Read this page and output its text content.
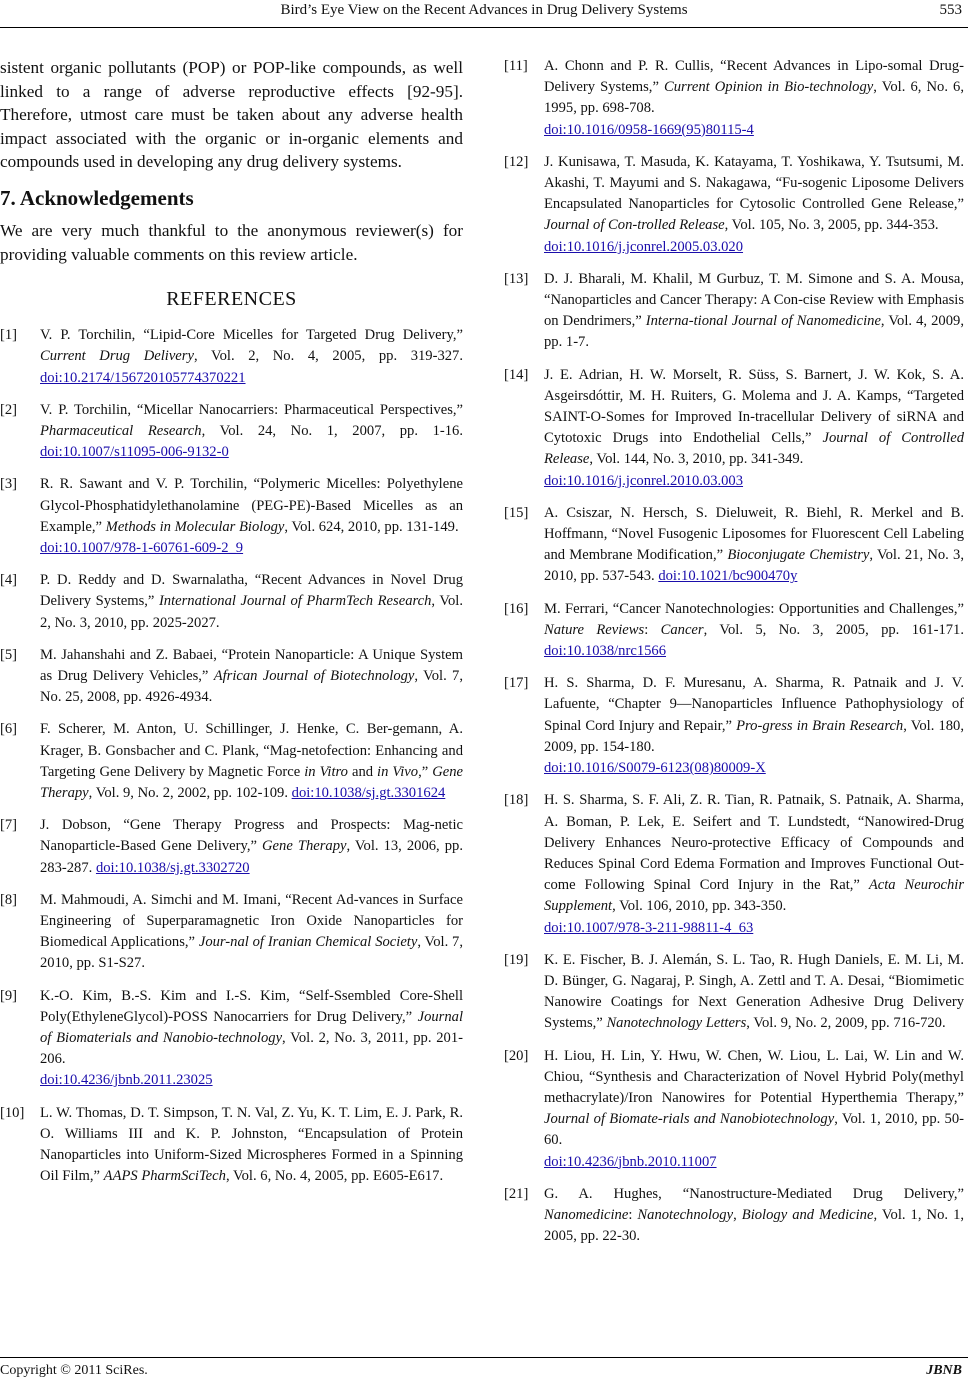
Bird’s Eye View on the Recent Advances in Drug Delivery Systems	553

sistent organic pollutants (POP) or POP-like compounds, as well linked to a range of adverse reproductive effects [92-95]. Therefore, utmost care must be taken about any adverse health impact associated with the organic or in-organic elements and compounds used in developing any drug delivery systems.

7. Acknowledgements

We are very much thankful to the anonymous reviewer(s) for providing valuable comments on this review article.

REFERENCES
[1]	V. P. Torchilin, “Lipid-Core Micelles for Targeted Drug Delivery,” Current Drug Delivery, Vol. 2, No. 4, 2005, pp. 319-327. doi:10.2174/156720105774370221
[2]	V. P. Torchilin, “Micellar Nanocarriers: Pharmaceutical Perspectives,” Pharmaceutical Research, Vol. 24, No. 1, 2007, pp. 1-16. doi:10.1007/s11095-006-9132-0
[3]	R. R. Sawant and V. P. Torchilin, “Polymeric Micelles: Polyethylene Glycol-Phosphatidylethanolamine (PEG-PE)-Based Micelles as an Example,” Methods in Molecular Biology, Vol. 624, 2010, pp. 131-149.
doi:10.1007/978-1-60761-609-2_9
[4]	P. D. Reddy and D. Swarnalatha, “Recent Advances in Novel Drug Delivery Systems,” International Journal of PharmTech Research, Vol. 2, No. 3, 2010, pp. 2025-2027.
[5]	M. Jahanshahi and Z. Babaei, “Protein Nanoparticle: A Unique System as Drug Delivery Vehicles,” African Journal of Biotechnology, Vol. 7, No. 25, 2008, pp. 4926-4934.
[6]	F. Scherer, M. Anton, U. Schillinger, J. Henke, C. Ber-gemann, A. Krager, B. Gonsbacher and C. Plank, “Mag-netofection: Enhancing and Targeting Gene Delivery by Magnetic Force in Vitro and in Vivo,” Gene Therapy, Vol. 9, No. 2, 2002, pp. 102-109. doi:10.1038/sj.gt.3301624
[7]	J. Dobson, “Gene Therapy Progress and Prospects: Mag-netic Nanoparticle-Based Gene Delivery,” Gene Therapy, Vol. 13, 2006, pp. 283-287. doi:10.1038/sj.gt.3302720
[8]	M. Mahmoudi, A. Simchi and M. Imani, “Recent Ad-vances in Surface Engineering of Superparamagnetic Iron Oxide Nanoparticles for Biomedical Applications,” Jour-nal of Iranian Chemical Society, Vol. 7, 2010, pp. S1-S27.
[9]	K.-O. Kim, B.-S. Kim and I.-S. Kim, “Self-Ssembled Core-Shell Poly(EthyleneGlycol)-POSS Nanocarriers for Drug Delivery,” Journal of Biomaterials and Nanobio-technology, Vol. 2, No. 3, 2011, pp. 201-206.
doi:10.4236/jbnb.2011.23025
[10]	L. W. Thomas, D. T. Simpson, T. N. Val, Z. Yu, K. T. Lim, E. J. Park, R. O. Williams III and K. P. Johnston, “Encapsulation of Protein Nanoparticles into Uniform-Sized Microspheres Formed in a Spinning Oil Film,” AAPS PharmSciTech, Vol. 6, No. 4, 2005, pp. E605-E617.
[11]	A. Chonn and P. R. Cullis, “Recent Advances in Lipo-somal Drug-Delivery Systems,” Current Opinion in Bio-technology, Vol. 6, No. 6, 1995, pp. 698-708.
doi:10.1016/0958-1669(95)80115-4
[12]	J. Kunisawa, T. Masuda, K. Katayama, T. Yoshikawa, Y. Tsutsumi, M. Akashi, T. Mayumi and S. Nakagawa, “Fu-sogenic Liposome Delivers Encapsulated Nanoparticles for Cytosolic Controlled Gene Release,” Journal of Con-trolled Release, Vol. 105, No. 3, 2005, pp. 344-353.
doi:10.1016/j.jconrel.2005.03.020
[13]	D. J. Bharali, M. Khalil, M Gurbuz, T. M. Simone and S. A. Mousa, “Nanoparticles and Cancer Therapy: A Con-cise Review with Emphasis on Dendrimers,” Interna-tional Journal of Nanomedicine, Vol. 4, 2009, pp. 1-7.
[14]	J. E. Adrian, H. W. Morselt, R. Süss, S. Barnert, J. W. Kok, S. A. Asgeirsdóttir, M. H. Ruiters, G. Molema and J. A. Kamps, “Targeted SAINT-O-Somes for Improved In-tracellular Delivery of siRNA and Cytotoxic Drugs into Endothelial Cells,” Journal of Controlled Release, Vol. 144, No. 3, 2010, pp. 341-349.
doi:10.1016/j.jconrel.2010.03.003
[15]	A. Csiszar, N. Hersch, S. Dieluweit, R. Biehl, R. Merkel and B. Hoffmann, “Novel Fusogenic Liposomes for Fluorescent Cell Labeling and Membrane Modification,” Bioconjugate Chemistry, Vol. 21, No. 3, 2010, pp. 537-543. doi:10.1021/bc900470y
[16]	M. Ferrari, “Cancer Nanotechnologies: Opportunities and Challenges,” Nature Reviews: Cancer, Vol. 5, No. 3, 2005, pp. 161-171. doi:10.1038/nrc1566
[17]	H. S. Sharma, D. F. Muresanu, A. Sharma, R. Patnaik and J. V. Lafuente, “Chapter 9—Nanoparticles Influence Pathophysiology of Spinal Cord Injury and Repair,” Pro-gress in Brain Research, Vol. 180, 2009, pp. 154-180.
doi:10.1016/S0079-6123(08)80009-X
[18]	H. S. Sharma, S. F. Ali, Z. R. Tian, R. Patnaik, S. Patnaik, A. Sharma, A. Boman, P. Lek, E. Seifert and T. Lundstedt, “Nanowired-Drug Delivery Enhances Neuro-protective Efficacy of Compounds and Reduces Spinal Cord Edema Formation and Improves Functional Out-come Following Spinal Cord Injury in the Rat,” Acta Neurochir Supplement, Vol. 106, 2010, pp. 343-350.
doi:10.1007/978-3-211-98811-4_63
[19]	K. E. Fischer, B. J. Alemán, S. L. Tao, R. Hugh Daniels, E. M. Li, M. D. Bünger, G. Nagaraj, P. Singh, A. Zettl and T. A. Desai, “Biomimetic Nanowire Coatings for Next Generation Adhesive Drug Delivery Systems,” Nanotechnology Letters, Vol. 9, No. 2, 2009, pp. 716-720.
[20]	H. Liou, H. Lin, Y. Hwu, W. Chen, W. Liou, L. Lai, W. Lin and W. Chiou, “Synthesis and Characterization of Novel Hybrid Poly(methyl methacrylate)/Iron Nanowires for Potential Hyperthemia Therapy,” Journal of Biomate-rials and Nanobiotechnology, Vol. 1, 2010, pp. 50-60.
doi:10.4236/jbnb.2010.11007
[21]	G. A. Hughes, “Nanostructure-Mediated Drug Delivery,” Nanomedicine: Nanotechnology, Biology and Medicine, Vol. 1, No. 1, 2005, pp. 22-30.
Copyright © 2011 SciRes.	JBNB
